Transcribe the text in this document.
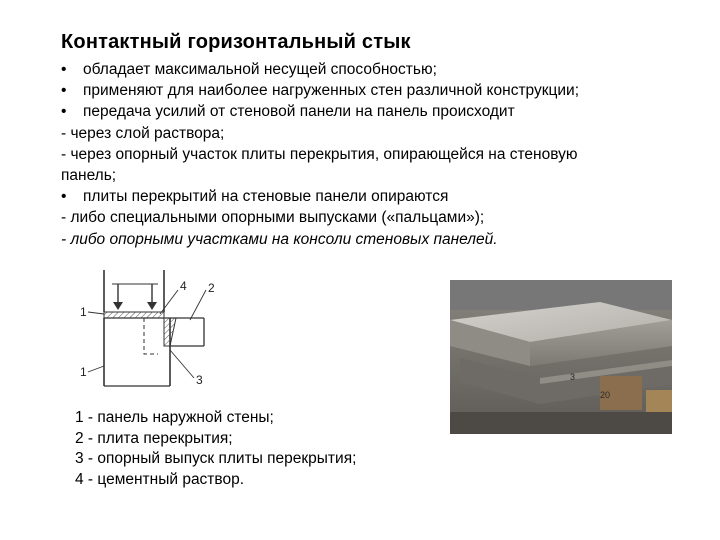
Контактный горизонтальный стык
• обладает максимальной несущей способностью;
• применяют для наиболее нагруженных стен различной конструкции;
• передача усилий от стеновой панели на панель происходит
- через слой раствора;
- через опорный участок плиты перекрытия, опирающейся на стеновую
панель;
• плиты перекрытий на стеновые панели опираются
- либо специальными опорными выпусками («пальцами»);
- либо опорными участками на консоли стеновых панелей.
1
4 2
1
3	3
20
1 - панель наружной стены;
2 - плита перекрытия;
3 - опорный выпуск плиты перекрытия;
4 - цементный раствор.
